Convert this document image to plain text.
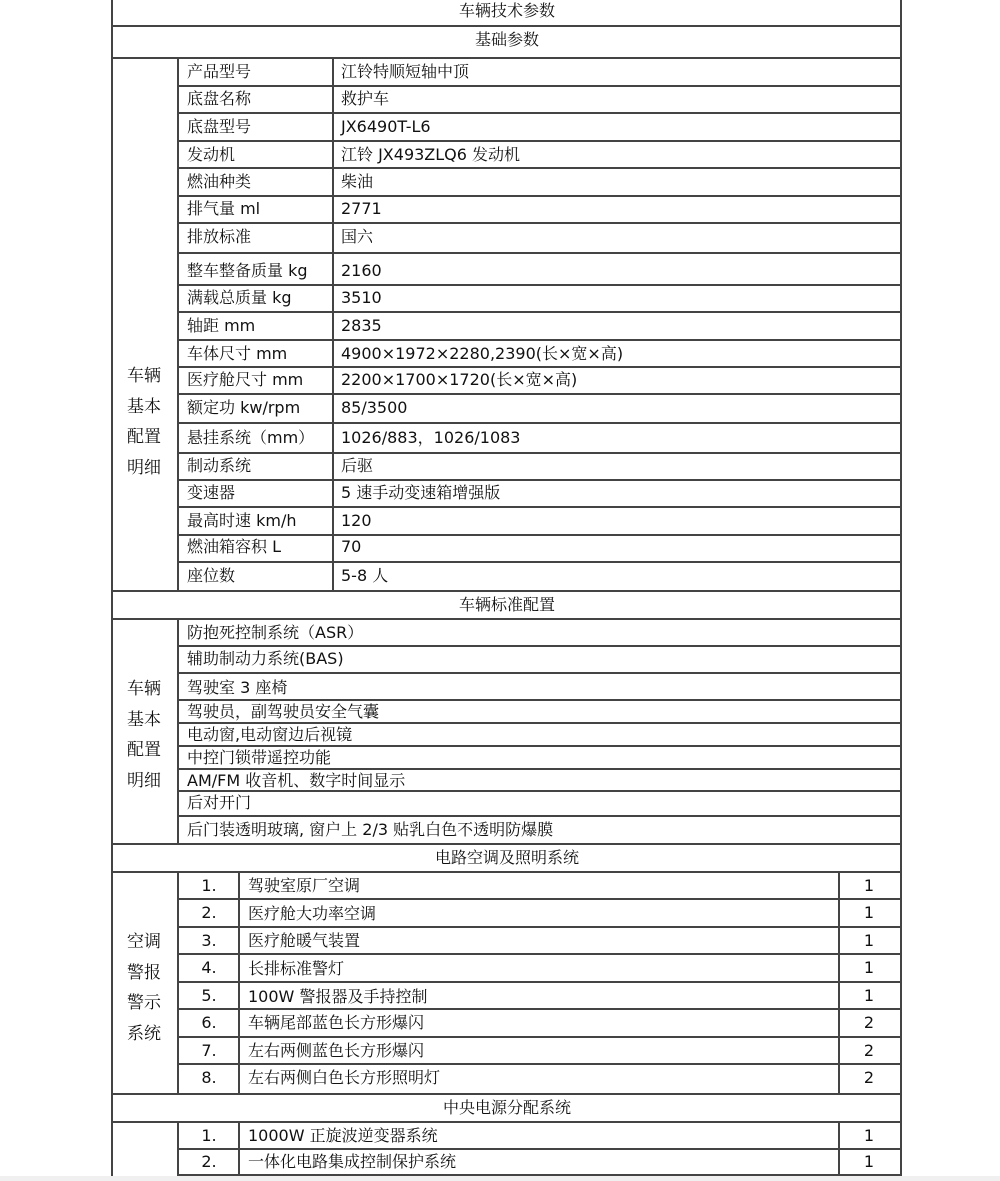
车辆技术参数
基础参数
车辆标准配置
电路空调及照明系统
中央电源分配系统
车辆
基本
配置
明细
车辆
基本
配置
明细
空调
警报
警示
系统
产品型号	江铃特顺短轴中顶
底盘名称	救护车
底盘型号	JX6490T-L6
发动机	江铃 JX493ZLQ6 发动机
燃油种类	柴油
排气量 ml	2771
排放标准	国六
整车整备质量 kg 2160
满载总质量 kg	3510
轴距 mm	2835
车体尺寸 mm	4900×1972×2280,2390(长×宽×高)
医疗舱尺寸 mm 2200×1700×1720(长×宽×高)
额定功 kw/rpm	85/3500
悬挂系统（mm） 1026/883，1026/1083
制动系统	后驱
变速器	5 速手动变速箱增强版
最高时速 km/h	120
燃油箱容积 L	70
座位数	5-8 人
防抱死控制系统（ASR）
辅助制动力系统(BAS)
驾驶室 3 座椅
驾驶员，副驾驶员安全气囊
电动窗,电动窗边后视镜
中控门锁带遥控功能
AM/FM 收音机、数字时间显示
后对开门
后门装透明玻璃, 窗户上 2/3 贴乳白色不透明防爆膜
1.	驾驶室原厂空调	1
2.	医疗舱大功率空调	1
3.	医疗舱暖气装置	1
4.	长排标准警灯	1
5.	100W 警报器及手持控制	1
6.	车辆尾部蓝色长方形爆闪	2
7.	左右两侧蓝色长方形爆闪	2
8.	左右两侧白色长方形照明灯	2
1.	1000W 正旋波逆变器系统	1
2.	一体化电路集成控制保护系统	1
